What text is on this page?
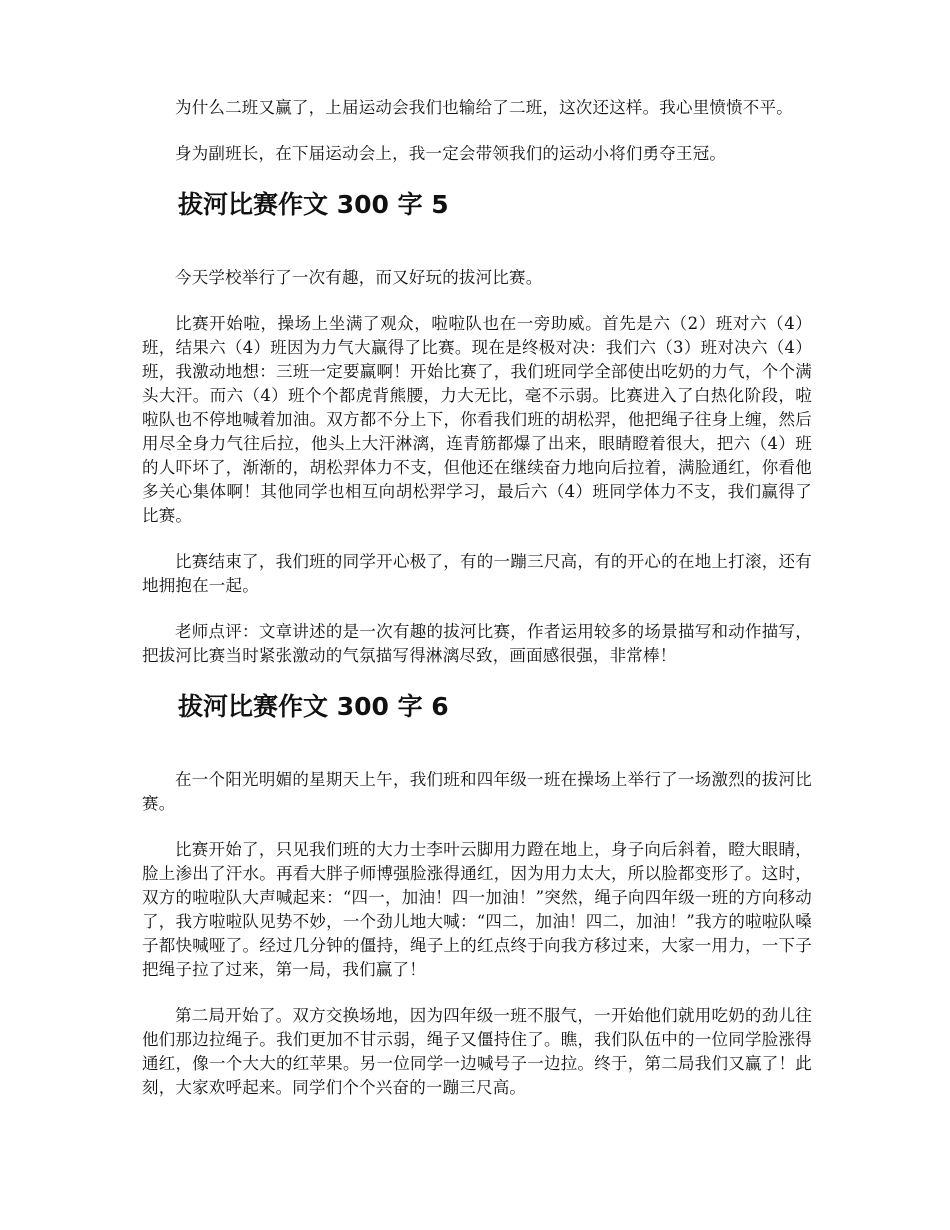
为什么二班又赢了，上届运动会我们也输给了二班，这次还这样。我心里愤愤不平。

身为副班长，在下届运动会上，我一定会带领我们的运动小将们勇夺王冠。

拔河比赛作文 300 字 5

今天学校举行了一次有趣，而又好玩的拔河比赛。

比赛开始啦，操场上坐满了观众，啦啦队也在一旁助威。首先是六（2）班对六（4）班，结果六（4）班因为力气大赢得了比赛。现在是终极对决：我们六（3）班对决六（4）班，我激动地想：三班一定要赢啊！开始比赛了，我们班同学全部使出吃奶的力气，个个满头大汗。而六（4）班个个都虎背熊腰，力大无比，毫不示弱。比赛进入了白热化阶段，啦啦队也不停地喊着加油。双方都不分上下，你看我们班的胡松羿，他把绳子往身上缠，然后用尽全身力气往后拉，他头上大汗淋漓，连青筋都爆了出来，眼睛瞪着很大，把六（4）班的人吓坏了，渐渐的，胡松羿体力不支，但他还在继续奋力地向后拉着，满脸通红，你看他多关心集体啊！其他同学也相互向胡松羿学习，最后六（4）班同学体力不支，我们赢得了比赛。

比赛结束了，我们班的同学开心极了，有的一蹦三尺高，有的开心的在地上打滚，还有地拥抱在一起。

老师点评：文章讲述的是一次有趣的拔河比赛，作者运用较多的场景描写和动作描写，把拔河比赛当时紧张激动的气氛描写得淋漓尽致，画面感很强，非常棒！

拔河比赛作文 300 字 6

在一个阳光明媚的星期天上午，我们班和四年级一班在操场上举行了一场激烈的拔河比赛。

比赛开始了，只见我们班的大力士李叶云脚用力蹬在地上，身子向后斜着，瞪大眼睛，脸上渗出了汗水。再看大胖子师博强脸涨得通红，因为用力太大，所以脸都变形了。这时，双方的啦啦队大声喊起来：“四一，加油！四一加油！”突然，绳子向四年级一班的方向移动了，我方啦啦队见势不妙，一个劲儿地大喊：“四二，加油！四二，加油！”我方的啦啦队嗓子都快喊哑了。经过几分钟的僵持，绳子上的红点终于向我方移过来，大家一用力，一下子把绳子拉了过来，第一局，我们赢了！

第二局开始了。双方交换场地，因为四年级一班不服气，一开始他们就用吃奶的劲儿往他们那边拉绳子。我们更加不甘示弱，绳子又僵持住了。瞧，我们队伍中的一位同学脸涨得通红，像一个大大的红苹果。另一位同学一边喊号子一边拉。终于，第二局我们又赢了！此刻，大家欢呼起来。同学们个个兴奋的一蹦三尺高。
